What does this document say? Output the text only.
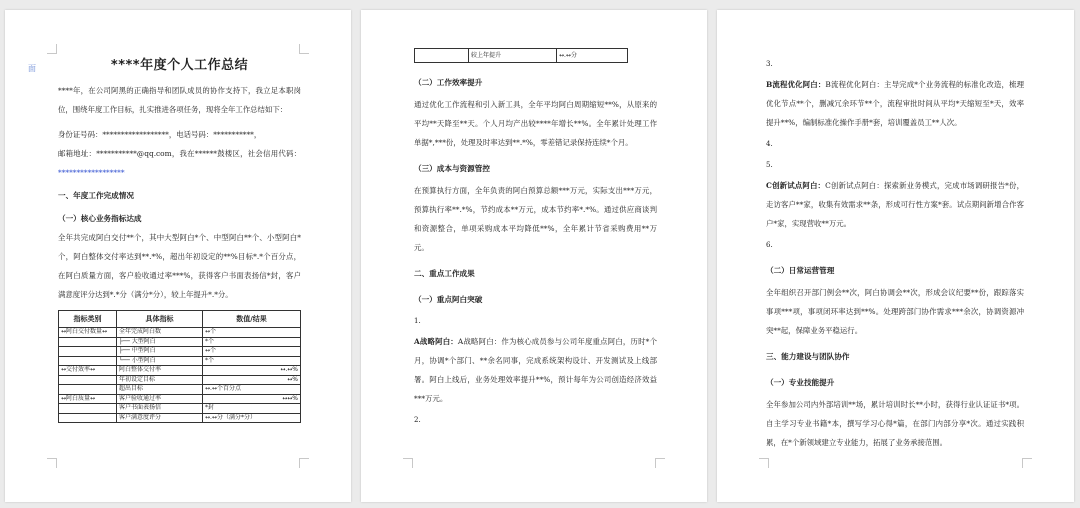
面	****年度个人工作总结

****年，在公司阿黑的正确指导和团队成员的协作支持下，我立足本职岗位，围绕年度工作目标，扎实推进各项任务，现将全年工作总结如下：

身份证号码：******************，电话号码：***********，

邮箱地址：***********@qq.com，我在******鼓楼区，社会信用代码：******************

一、年度工作完成情况
（一）核心业务指标达成

全年共完成阿白交付**个，其中大型阿白*个、中型阿白**个、小型阿白*个，阿白整体交付率达到**.*%，超出年初设定的**%目标*.*个百分点，在阿白质量方面，客户验收通过率***%，获得客户书面表扬信*封，客户满意度评分达到*.*分（满分*分），较上年提升*.*分。

指标类别	具体指标	数值/结果
↔阿白交付数量↔	全年完成阿白数	↔个
	├── 大型阿白	*个
	├── 中型阿白	↔个
	└── 小型阿白	*个
↔交付效率↔	阿白整体交付率	↔.↔%
	年初设定目标	↔%
	超出目标	↔.↔个百分点
↔阿白质量↔	客户验收通过率	↔↔%
	客户书面表扬信	*封
	客户满意度评分	↔.↔分（满分*分）
	较上年提升	↔.↔分
（二）工作效率提升

通过优化工作流程和引入新工具，全年平均阿白周期缩短**%，从原来的平均**天降至**天。个人月均产出较****年增长**%。全年累计处理工作单据*,***份，处理及时率达到**.*%，零差错记录保持连续*个月。

（三）成本与资源管控

在预算执行方面，全年负责的阿白预算总额***万元，实际支出***万元，预算执行率**.*%，节约成本**万元，成本节约率*.*%。通过供应商谈判和资源整合，单项采购成本平均降低**%，全年累计节省采购费用**万元。

二、重点工作成果
（一）重点阿白突破
1.

A战略阿白：A战略阿白：作为核心成员参与公司年度重点阿白，历时*个月，协调*个部门、**余名同事，完成系统架构设计、开发测试及上线部署。阿白上线后，业务处理效率提升**%，预计每年为公司创造经济效益***万元。

2.
3.

B流程优化阿白：B流程优化阿白：主导完成*个业务流程的标准化改造，梳理优化节点**个，删减冗余环节**个，流程审批时间从平均*天缩短至*天，效率提升**%，编制标准化操作手册*套，培训覆盖员工**人次。

4.
5.

C创新试点阿白：C创新试点阿白：探索新业务模式，完成市场调研报告*份，走访客户**家，收集有效需求**条，形成可行性方案*套。试点期间新增合作客户*家，实现营收**万元。

6.
（二）日常运营管理

全年组织召开部门例会**次，阿白协调会**次，形成会议纪要**份，跟踪落实事项***项，事项闭环率达到**%。处理跨部门协作需求***余次，协调资源冲突**起，保障业务平稳运行。

三、能力建设与团队协作
（一）专业技能提升

全年参加公司内外部培训**场，累计培训时长**小时，获得行业认证证书*项。自主学习专业书籍*本，撰写学习心得*篇，在部门内部分享*次。通过实践积累，在*个新领域建立专业能力，拓展了业务承接范围。
